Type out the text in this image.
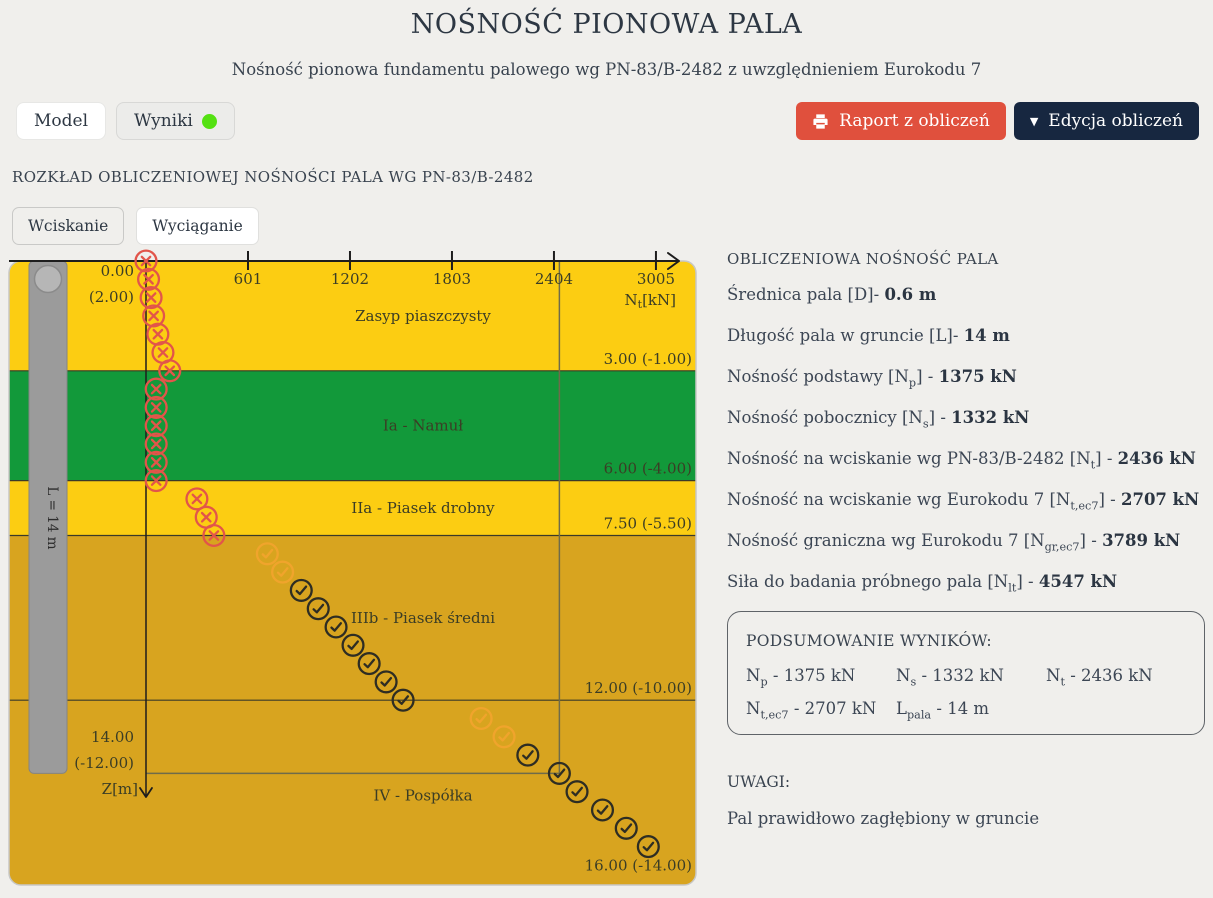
NOŚNOŚĆ PIONOWA PALA
Nośność pionowa fundamentu palowego wg PN-83/B-2482 z uwzględnieniem Eurokodu 7
Model	Wyniki	Raport z obliczeń	▼ Edycja obliczeń
ROZKŁAD OBLICZENIOWEJ NOŚNOŚCI PALA WG PN-83/B-2482
Wciskanie	Wyciąganie
L = 14 m
601	1202	1803	2404	3005
$N_t[kN]$
Z[m]
0.00
(2.00)
14.00
(-12.00)
Zasyp piaszczysty
Ia - Namuł
IIa - Piasek drobny
IIIb - Piasek średni
IV - Pospółka
3.00 (-1.00)
6.00 (-4.00)
7.50 (-5.50)
12.00 (-10.00)
16.00 (-14.00)
OBLICZENIOWA NOŚNOŚĆ PALA
Średnica pala [D]- 0.6 m
Długość pala w gruncie [L]- 14 m
Nośność podstawy $[N_p] - 1375$ kN
Nośność pobocznicy $[N_s] - 1332$ kN
Nośność na wciskanie wg PN-83/B-2482 $[N_t] - 2436$ kN
Nośność na wciskanie wg Eurokodu 7 $[N_{t,ec7}] - 2707$ kN
Nośność graniczna wg Eurokodu 7 $[N_{gr,ec7}] - 3789$ kN
Siła do badania próbnego pala $[N_{lt}] - 4547$ kN
PODSUMOWANIE WYNIKÓW:
$N_p - 1375$ kN	$N_s - 1332$ kN	$N_t - 2436$ kN
$N_{t,ec7} - 2707$ kN	$L_{pala} - 14$ m
UWAGI:
Pal prawidłowo zagłębiony w gruncie
